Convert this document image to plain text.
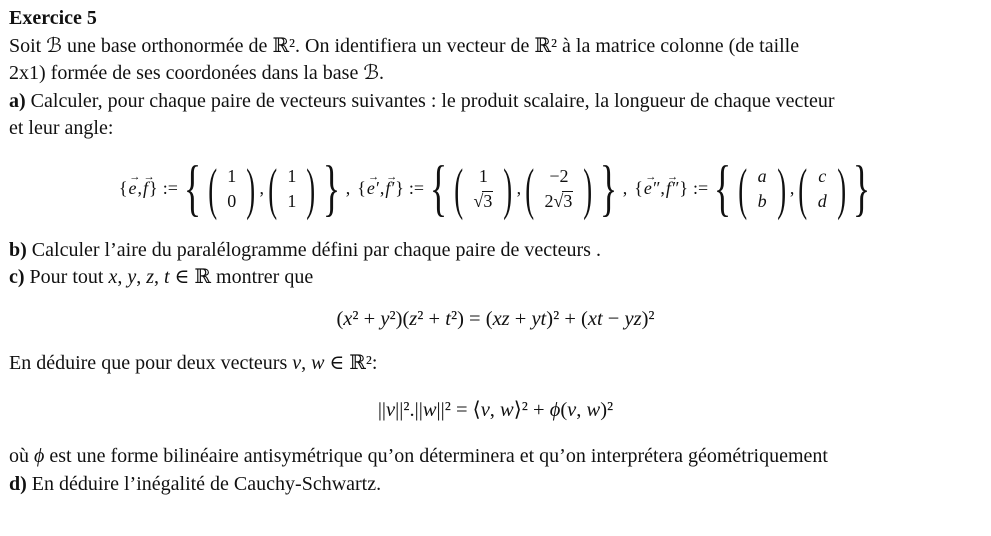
Exercice 5
Soit ℬ une base orthonormée de ℝ². On identifiera un vecteur de ℝ² à la matrice colonne (de taille
2x1) formée de ses coordonées dans la base ℬ.
a) Calculer, pour chaque paire de vecteurs suivantes : le produit scalaire, la longueur de chaque vecteur
et leur angle:
{→ e,→ f} := { ( 1
0 ) , ( 1
1 ) } , {→ e′,→ f′} := { ( 1
√3 ) , ( −2
2√3 ) } , {→ e″,→ f″} := { ( a
b ) , ( c
d ) }
b) Calculer l’aire du paralélogramme défini par chaque paire de vecteurs .
c) Pour tout x, y, z, t ∈ ℝ montrer que
(x² + y²)(z² + t²) = (xz + yt)² + (xt − yz)²
En déduire que pour deux vecteurs v, w ∈ ℝ²:
||v||².||w||² = ⟨v, w⟩² + ϕ(v, w)²
où ϕ est une forme bilinéaire antisymétrique qu’on déterminera et qu’on interprétera géométriquement
d) En déduire l’inégalité de Cauchy-Schwartz.
